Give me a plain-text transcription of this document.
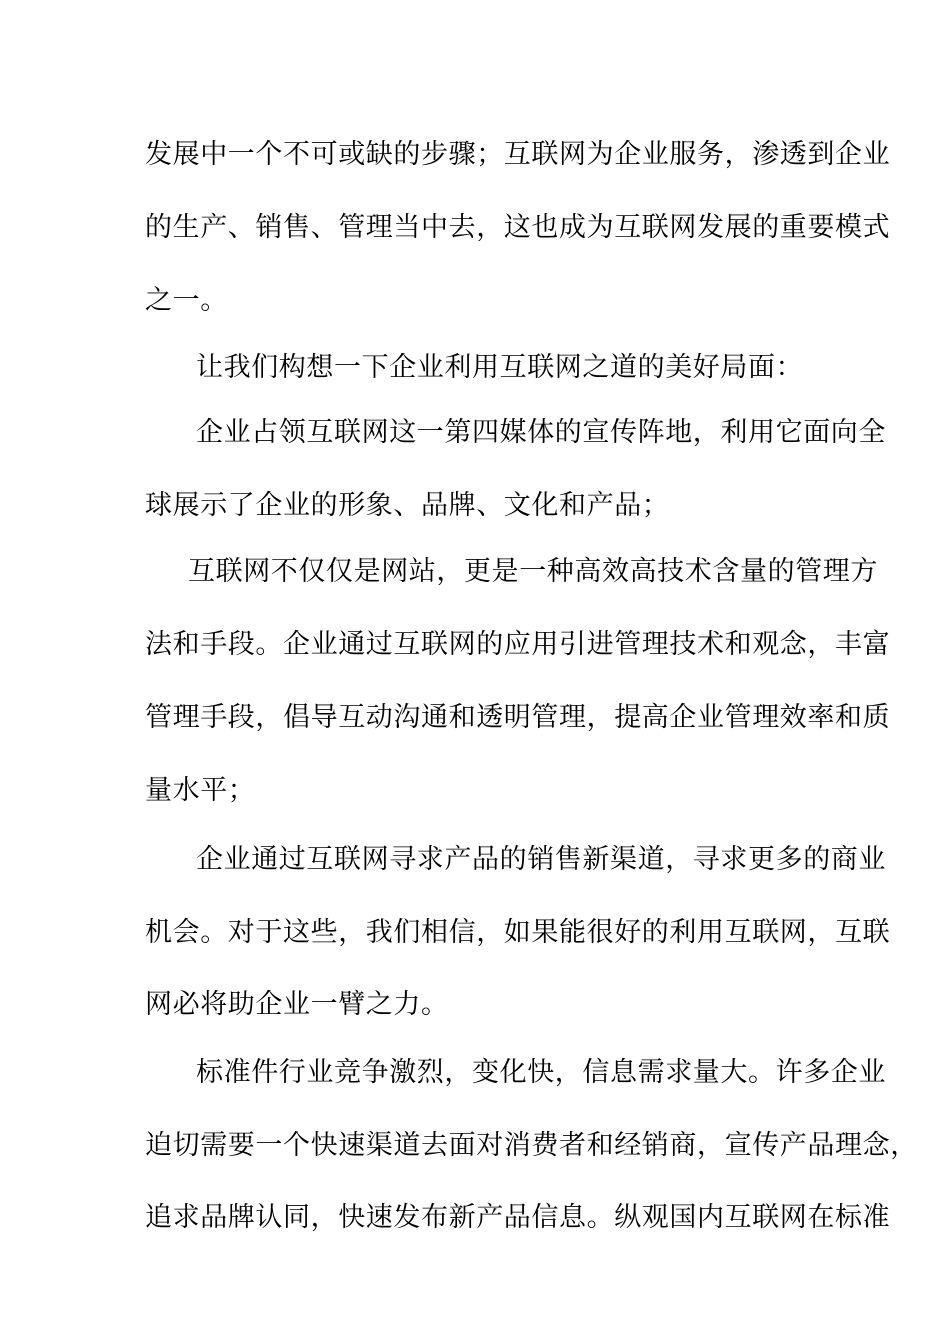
发展中一个不可或缺的步骤；互联网为企业服务，渗透到企业
的生产、销售、管理当中去，这也成为互联网发展的重要模式
之一。
让我们构想一下企业利用互联网之道的美好局面：
企业占领互联网这一第四媒体的宣传阵地，利用它面向全
球展示了企业的形象、品牌、文化和产品；
互联网不仅仅是网站，更是一种高效高技术含量的管理方
法和手段。企业通过互联网的应用引进管理技术和观念，丰富
管理手段，倡导互动沟通和透明管理，提高企业管理效率和质
量水平；
企业通过互联网寻求产品的销售新渠道，寻求更多的商业
机会。对于这些，我们相信，如果能很好的利用互联网，互联
网必将助企业一臂之力。
标准件行业竞争激烈，变化快，信息需求量大。许多企业
迫切需要一个快速渠道去面对消费者和经销商，宣传产品理念，
追求品牌认同，快速发布新产品信息。纵观国内互联网在标准
